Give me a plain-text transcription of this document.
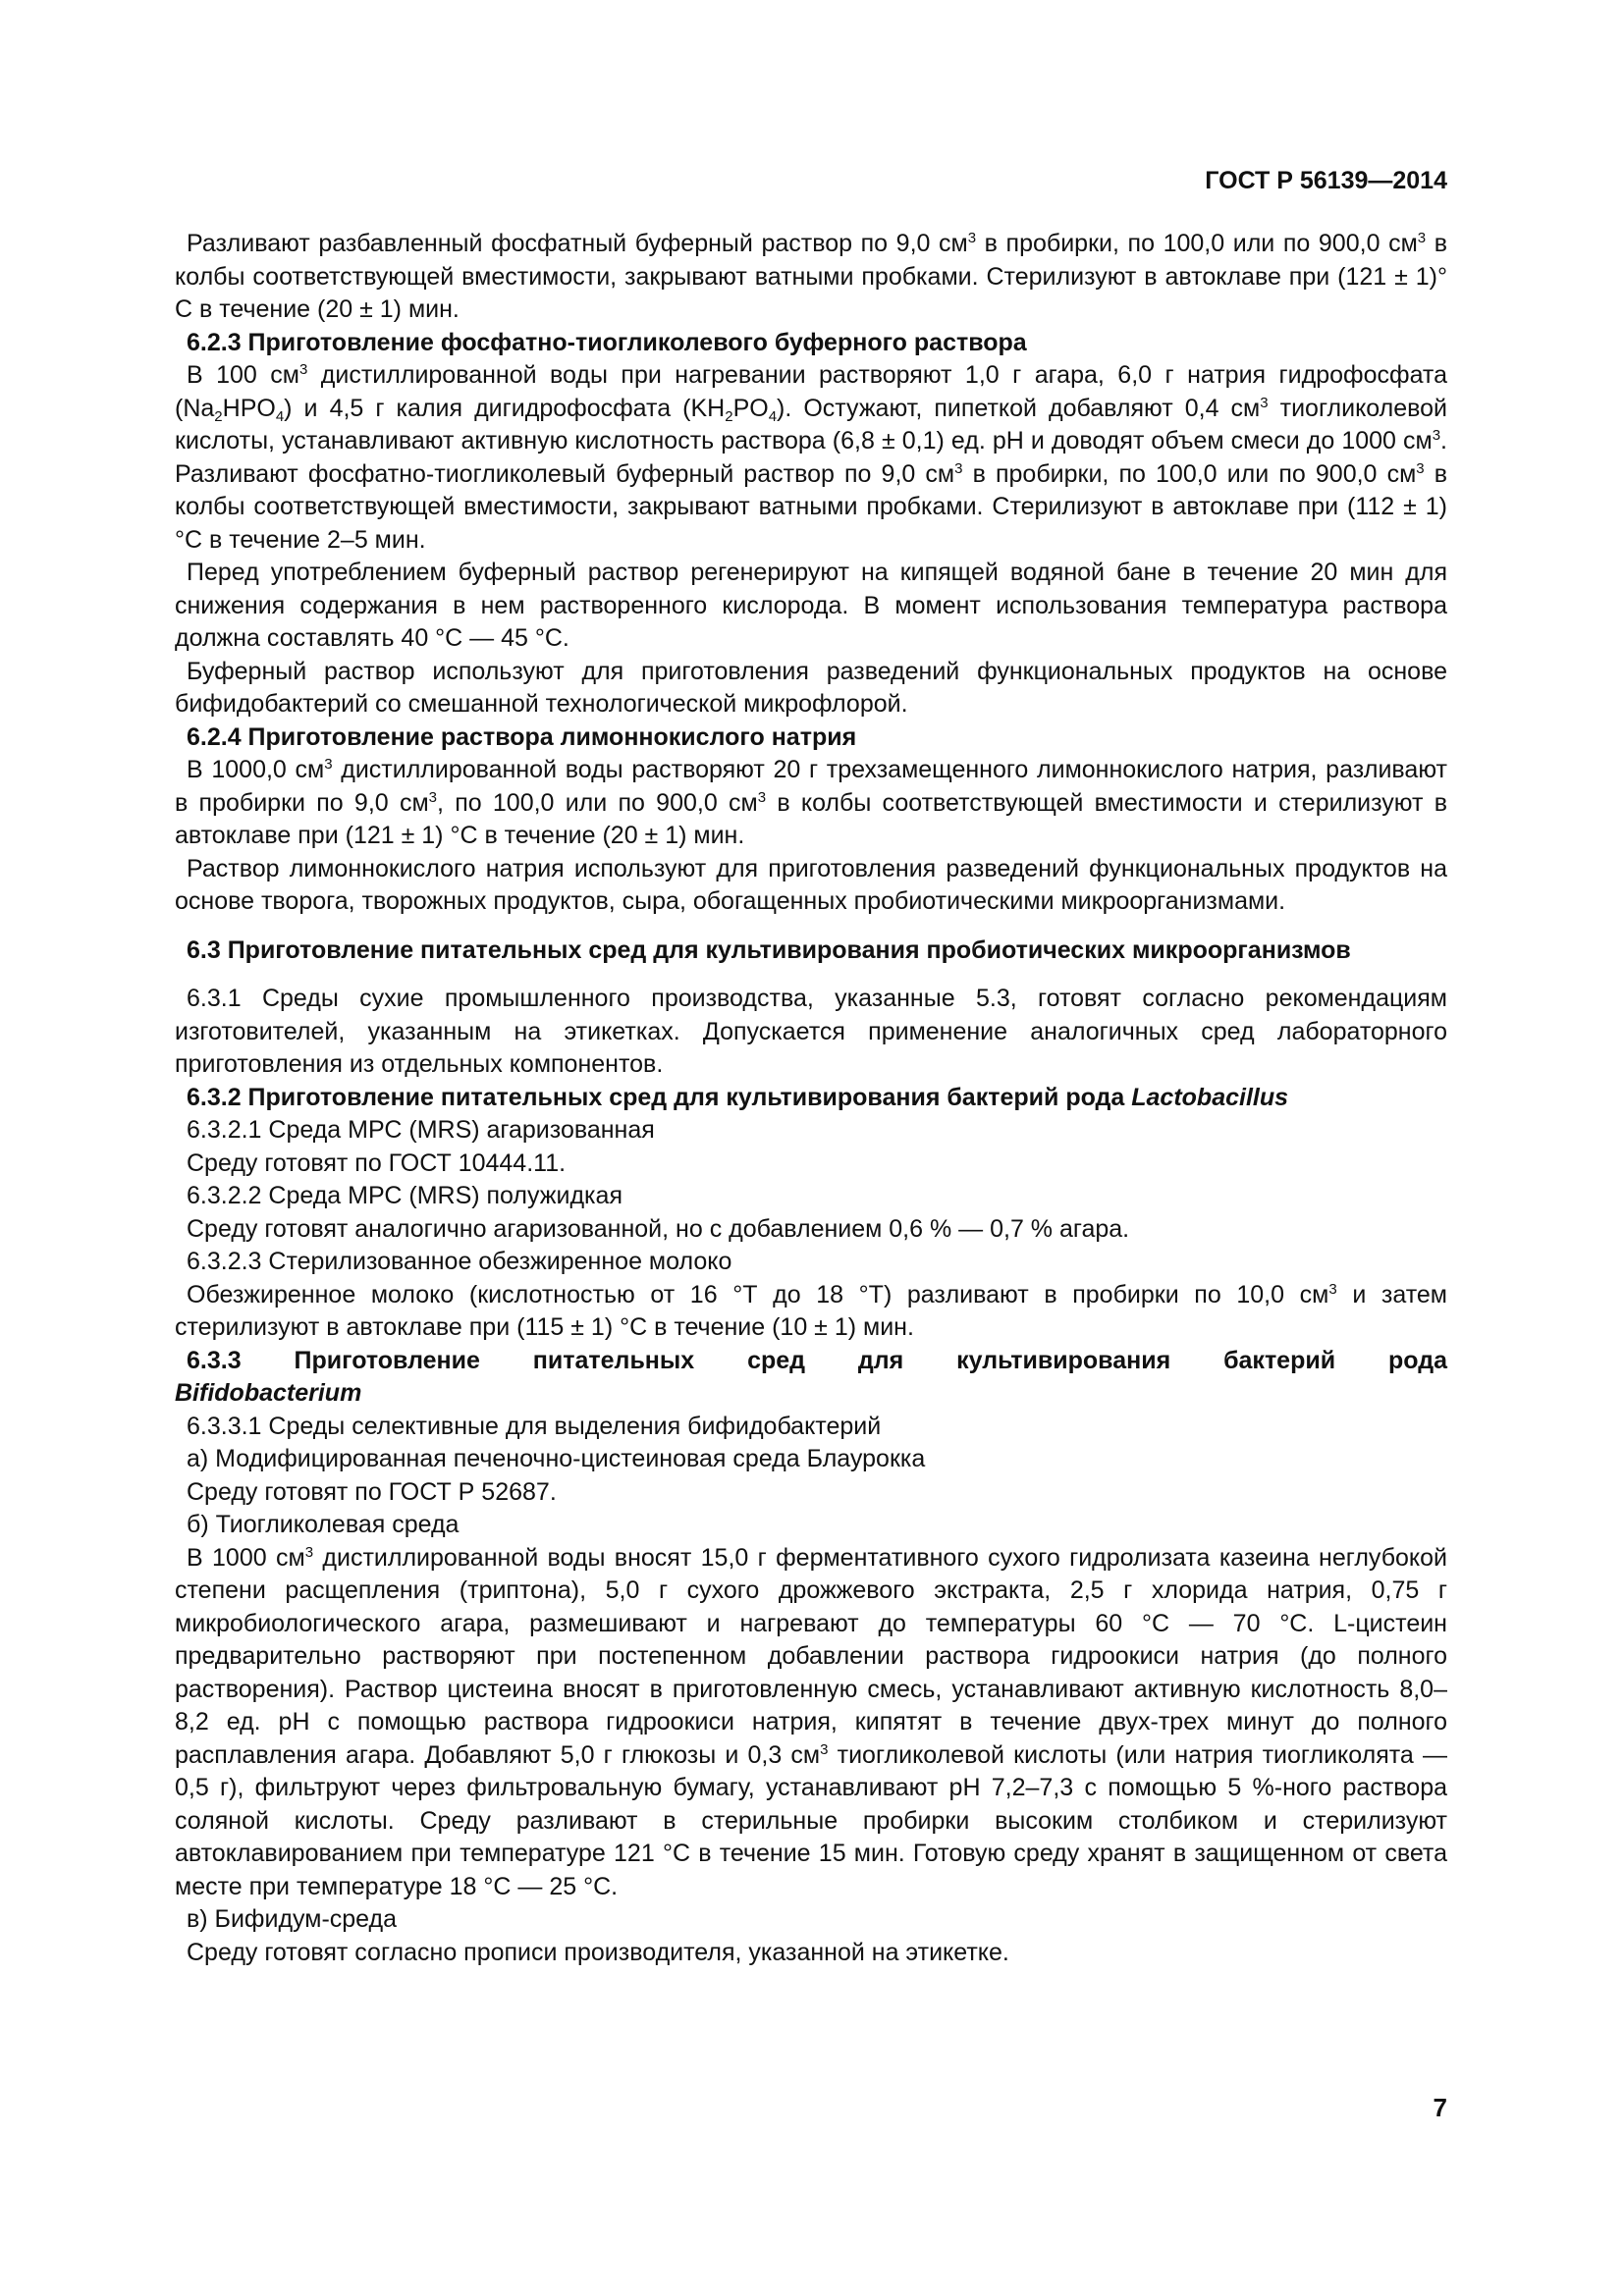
ГОСТ Р 56139—2014

Разливают разбавленный фосфатный буферный раствор по 9,0 $см^3$ в пробирки, по 100,0 или по 900,0 $см^3$ в колбы соответствующей вместимости, закрывают ватными пробками. Стерилизуют в автоклаве при (121 ± 1)° С в течение (20 ± 1) мин.

6.2.3 Приготовление фосфатно-тиогликолевого буферного раствора

В 100 $см^3$ дистиллированной воды при нагревании растворяют 1,0 г агара, 6,0 г натрия гидрофосфата $(Na_2HPO_4)$ и 4,5 г калия дигидрофосфата $(KH_2PO_4)$. Остужают, пипеткой добавляют 0,4 $см^3$ тиогликолевой кислоты, устанавливают активную кислотность раствора (6,8 ± 0,1) ед. рН и доводят объем смеси до 1000 $см^3$. Разливают фосфатно-тиогликолевый буферный раствор по 9,0 $см^3$ в пробирки, по 100,0 или по 900,0 $см^3$ в колбы соответствующей вместимости, закрывают ватными пробками. Стерилизуют в автоклаве при (112 ± 1) °С в течение 2–5 мин.

Перед употреблением буферный раствор регенерируют на кипящей водяной бане в течение 20 мин для снижения содержания в нем растворенного кислорода. В момент использования температура раствора должна составлять 40 °С — 45 °С.

Буферный раствор используют для приготовления разведений функциональных продуктов на основе бифидобактерий со смешанной технологической микрофлорой.

6.2.4 Приготовление раствора лимоннокислого натрия

В 1000,0 $см^3$ дистиллированной воды растворяют 20 г трехзамещенного лимоннокислого натрия, разливают в пробирки по 9,0 $см^3$, по 100,0 или по 900,0 $см^3$ в колбы соответствующей вместимости и стерилизуют в автоклаве при (121 ± 1) °С в течение (20 ± 1) мин.

Раствор лимоннокислого натрия используют для приготовления разведений функциональных продуктов на основе творога, творожных продуктов, сыра, обогащенных пробиотическими микроорганизмами.

6.3 Приготовление питательных сред для культивирования пробиотических микроорганизмов

6.3.1 Среды сухие промышленного производства, указанные 5.3, готовят согласно рекомендациям изготовителей, указанным на этикетках. Допускается применение аналогичных сред лабораторного приготовления из отдельных компонентов.

6.3.2 Приготовление питательных сред для культивирования бактерий рода Lactobacillus

6.3.2.1 Среда МРС (MRS) агаризованная

Среду готовят по ГОСТ 10444.11.

6.3.2.2 Среда МРС (MRS) полужидкая

Среду готовят аналогично агаризованной, но с добавлением 0,6 % — 0,7 % агара.

6.3.2.3 Стерилизованное обезжиренное молоко

Обезжиренное молоко (кислотностью от 16 °Т до 18 °Т) разливают в пробирки по 10,0 $см^3$ и затем стерилизуют в автоклаве при (115 ± 1) °С в течение (10 ± 1) мин.

6.3.3 Приготовление питательных сред для культивирования бактерий рода

Bifidobacterium

6.3.3.1 Среды селективные для выделения бифидобактерий

а) Модифицированная печеночно-цистеиновая среда Блаурокка

Среду готовят по ГОСТ Р 52687.

б) Тиогликолевая среда

В 1000 $см^3$ дистиллированной воды вносят 15,0 г ферментативного сухого гидролизата казеина неглубокой степени расщепления (триптона), 5,0 г сухого дрожжевого экстракта, 2,5 г хлорида натрия, 0,75 г микробиологического агара, размешивают и нагревают до температуры 60 °С — 70 °С. L-цистеин предварительно растворяют при постепенном добавлении раствора гидроокиси натрия (до полного растворения). Раствор цистеина вносят в приготовленную смесь, устанавливают активную кислотность 8,0–8,2 ед. рН с помощью раствора гидроокиси натрия, кипятят в течение двух-трех минут до полного расплавления агара. Добавляют 5,0 г глюкозы и 0,3 $см^3$ тиогликолевой кислоты (или натрия тиогликолята — 0,5 г), фильтруют через фильтровальную бумагу, устанавливают рН 7,2–7,3 с помощью 5 %-ного раствора соляной кислоты. Среду разливают в стерильные пробирки высоким столбиком и стерилизуют автоклавированием при температуре 121 °С в течение 15 мин. Готовую среду хранят в защищенном от света месте при температуре 18 °С — 25 °С.

в) Бифидум-среда

Среду готовят согласно прописи производителя, указанной на этикетке.

7
